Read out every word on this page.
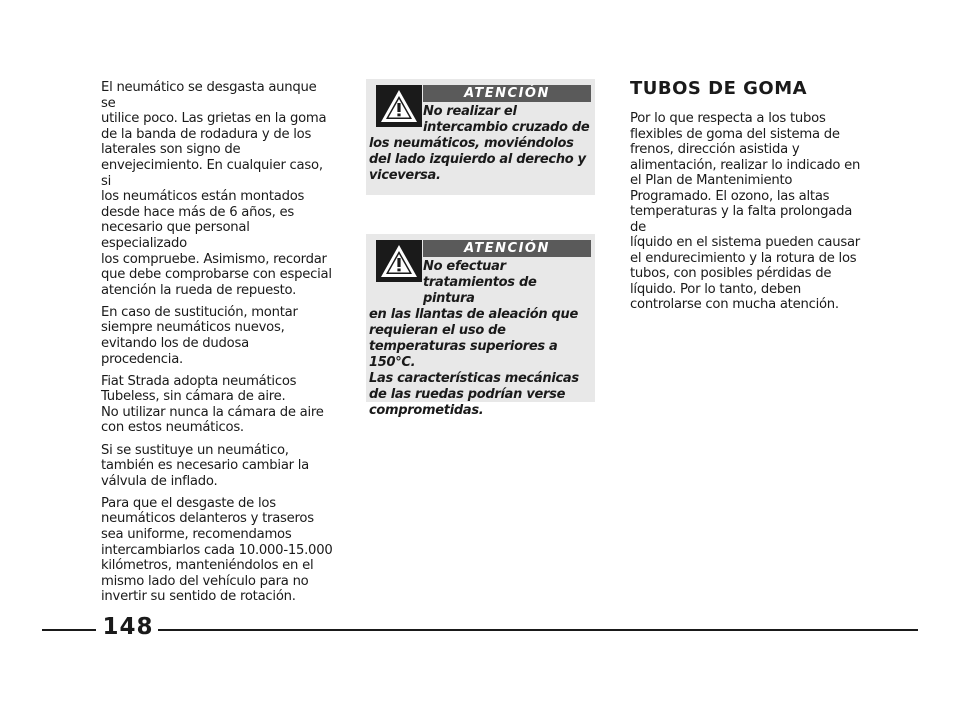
El neumático se desgasta aunque se
utilice poco. Las grietas en la goma
de la banda de rodadura y de los
laterales son signo de
envejecimiento. En cualquier caso, si
los neumáticos están montados
desde hace más de 6 años, es
necesario que personal especializado
los compruebe. Asimismo, recordar
que debe comprobarse con especial
atención la rueda de repuesto.

En caso de sustitución, montar
siempre neumáticos nuevos,
evitando los de dudosa procedencia.

Fiat Strada adopta neumáticos
Tubeless, sin cámara de aire.
No utilizar nunca la cámara de aire
con estos neumáticos.

Si se sustituye un neumático,
también es necesario cambiar la
válvula de inflado.

Para que el desgaste de los
neumáticos delanteros y traseros
sea uniforme, recomendamos
intercambiarlos cada 10.000-15.000
kilómetros, manteniéndolos en el
mismo lado del vehículo para no
invertir su sentido de rotación.

ATENCIÓN

No realizar el
intercambio cruzado de
los neumáticos, moviéndolos
del lado izquierdo al derecho y
viceversa.

ATENCIÓN

No efectuar
tratamientos de pintura
en las llantas de aleación que
requieran el uso de
temperaturas superiores a 150°C.
Las características mecánicas
de las ruedas podrían verse
comprometidas.

TUBOS DE GOMA

Por lo que respecta a los tubos
flexibles de goma del sistema de
frenos, dirección asistida y
alimentación, realizar lo indicado en
el Plan de Mantenimiento
Programado. El ozono, las altas
temperaturas y la falta prolongada de
líquido en el sistema pueden causar
el endurecimiento y la rotura de los
tubos, con posibles pérdidas de
líquido. Por lo tanto, deben
controlarse con mucha atención.

148
